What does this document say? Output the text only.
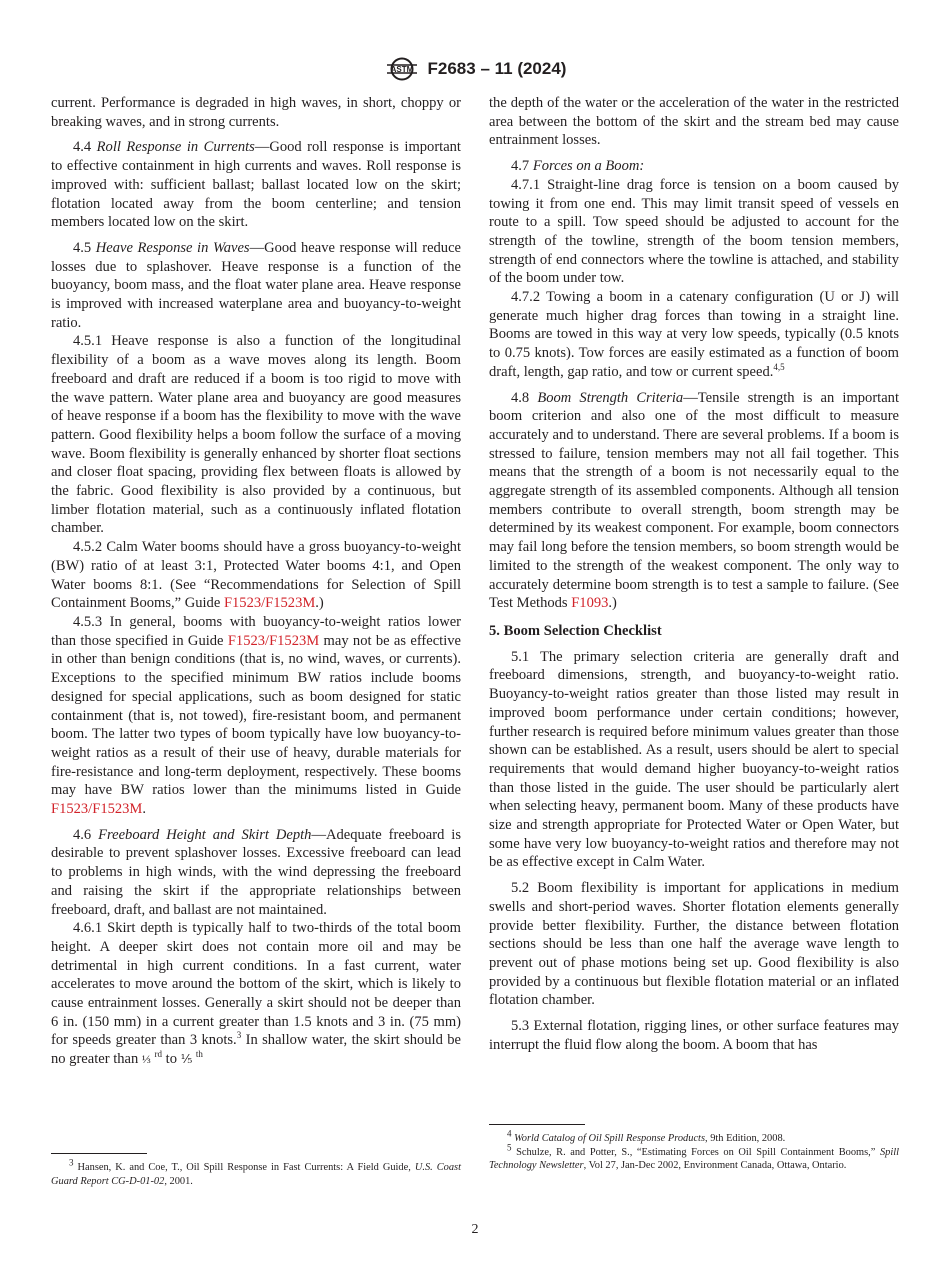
ASTM F2683 – 11 (2024)

current. Performance is degraded in high waves, in short, choppy or breaking waves, and in strong currents.

4.4 Roll Response in Currents—Good roll response is important to effective containment in high currents and waves. Roll response is improved with: sufficient ballast; ballast located low on the skirt; flotation located away from the boom centerline; and tension members located low on the skirt.

4.5 Heave Response in Waves—Good heave response will reduce losses due to splashover. Heave response is a function of the buoyancy, boom mass, and the float water plane area. Heave response is improved with increased waterplane area and buoyancy-to-weight ratio.

4.5.1 Heave response is also a function of the longitudinal flexibility of a boom as a wave moves along its length. Boom freeboard and draft are reduced if a boom is too rigid to move with the wave pattern. Water plane area and buoyancy are good measures of heave response if a boom has the flexibility to move with the wave pattern. Good flexibility helps a boom follow the surface of a moving wave. Boom flexibility is generally enhanced by shorter float sections and closer float spacing, providing flex between floats is allowed by the fabric. Good flexibility is also provided by a continuous, but limber flotation material, such as a continuously inflated flotation chamber.

4.5.2 Calm Water booms should have a gross buoyancy-to-weight (BW) ratio of at least 3:1, Protected Water booms 4:1, and Open Water booms 8:1. (See “Recommendations for Selection of Spill Containment Booms,” Guide F1523/F1523M.)

4.5.3 In general, booms with buoyancy-to-weight ratios lower than those specified in Guide F1523/F1523M may not be as effective in other than benign conditions (that is, no wind, waves, or currents). Exceptions to the specified minimum BW ratios include booms designed for special applications, such as boom designed for static containment (that is, not towed), fire-resistant boom, and permanent boom. The latter two types of boom typically have low buoyancy-to-weight ratios as a result of their use of heavy, durable materials for fire-resistance and long-term deployment, respectively. These booms may have BW ratios lower than the minimums listed in Guide F1523/F1523M.

4.6 Freeboard Height and Skirt Depth—Adequate freeboard is desirable to prevent splashover losses. Excessive freeboard can lead to problems in high winds, with the wind depressing the freeboard and raising the skirt if the appropriate relationships between freeboard, draft, and ballast are not maintained.

4.6.1 Skirt depth is typically half to two-thirds of the total boom height. A deeper skirt does not contain more oil and may be detrimental in high current conditions. In a fast current, water accelerates to move around the bottom of the skirt, which is likely to cause entrainment losses. Generally a skirt should not be deeper than 6 in. (150 mm) in a current greater than 1.5 knots and 3 in. (75 mm) for speeds greater than 3 knots.$^3$ In shallow water, the skirt should be no greater than ⅓ $^{rd}$ to ⅕ $^{th}$

the depth of the water or the acceleration of the water in the restricted area between the bottom of the skirt and the stream bed may cause entrainment losses.

4.7 Forces on a Boom:

4.7.1 Straight-line drag force is tension on a boom caused by towing it from one end. This may limit transit speed of vessels en route to a spill. Tow speed should be adjusted to account for the strength of the towline, strength of the boom tension members, strength of end connectors where the towline is attached, and stability of the boom under tow.

4.7.2 Towing a boom in a catenary configuration (U or J) will generate much higher drag forces than towing in a straight line. Booms are towed in this way at very low speeds, typically (0.5 knots to 0.75 knots). Tow forces are easily estimated as a function of boom draft, length, gap ratio, and tow or current speed.$^{4,5}$

4.8 Boom Strength Criteria—Tensile strength is an important boom criterion and also one of the most difficult to measure accurately and to understand. There are several problems. If a boom is stressed to failure, tension members may not all fail together. This means that the strength of a boom is not necessarily equal to the aggregate strength of its assembled components. Although all tension members contribute to overall strength, boom strength may be determined by its weakest component. For example, boom connectors may fail long before the tension members, so boom strength would be limited to the strength of the weakest component. The only way to accurately determine boom strength is to test a sample to failure. (See Test Methods F1093.)

5. Boom Selection Checklist

5.1 The primary selection criteria are generally draft and freeboard dimensions, strength, and buoyancy-to-weight ratio. Buoyancy-to-weight ratios greater than those listed may result in improved boom performance under certain conditions; however, further research is required before minimum values greater than those shown can be established. As a result, users should be alert to special requirements that would demand higher buoyancy-to-weight ratios than those listed in the guide. The user should be particularly alert when selecting heavy, permanent boom. Many of these products have size and strength appropriate for Protected Water or Open Water, but some have very low buoyancy-to-weight ratios and therefore may not be as effective except in Calm Water.

5.2 Boom flexibility is important for applications in medium swells and short-period waves. Shorter flotation elements generally provide better flexibility. Further, the distance between flotation sections should be less than one half the average wave length to prevent out of phase motions being set up. Good flexibility is also provided by a continuous but flexible flotation material or an inflated flotation chamber.

5.3 External flotation, rigging lines, or other surface features may interrupt the fluid flow along the boom. A boom that has

$^3$ Hansen, K. and Coe, T., Oil Spill Response in Fast Currents: A Field Guide, U.S. Coast Guard Report CG-D-01-02, 2001.

$^4$ World Catalog of Oil Spill Response Products, 9th Edition, 2008.

$^5$ Schulze, R. and Potter, S., “Estimating Forces on Oil Spill Containment Booms,” Spill Technology Newsletter, Vol 27, Jan-Dec 2002, Environment Canada, Ottawa, Ontario.

2
